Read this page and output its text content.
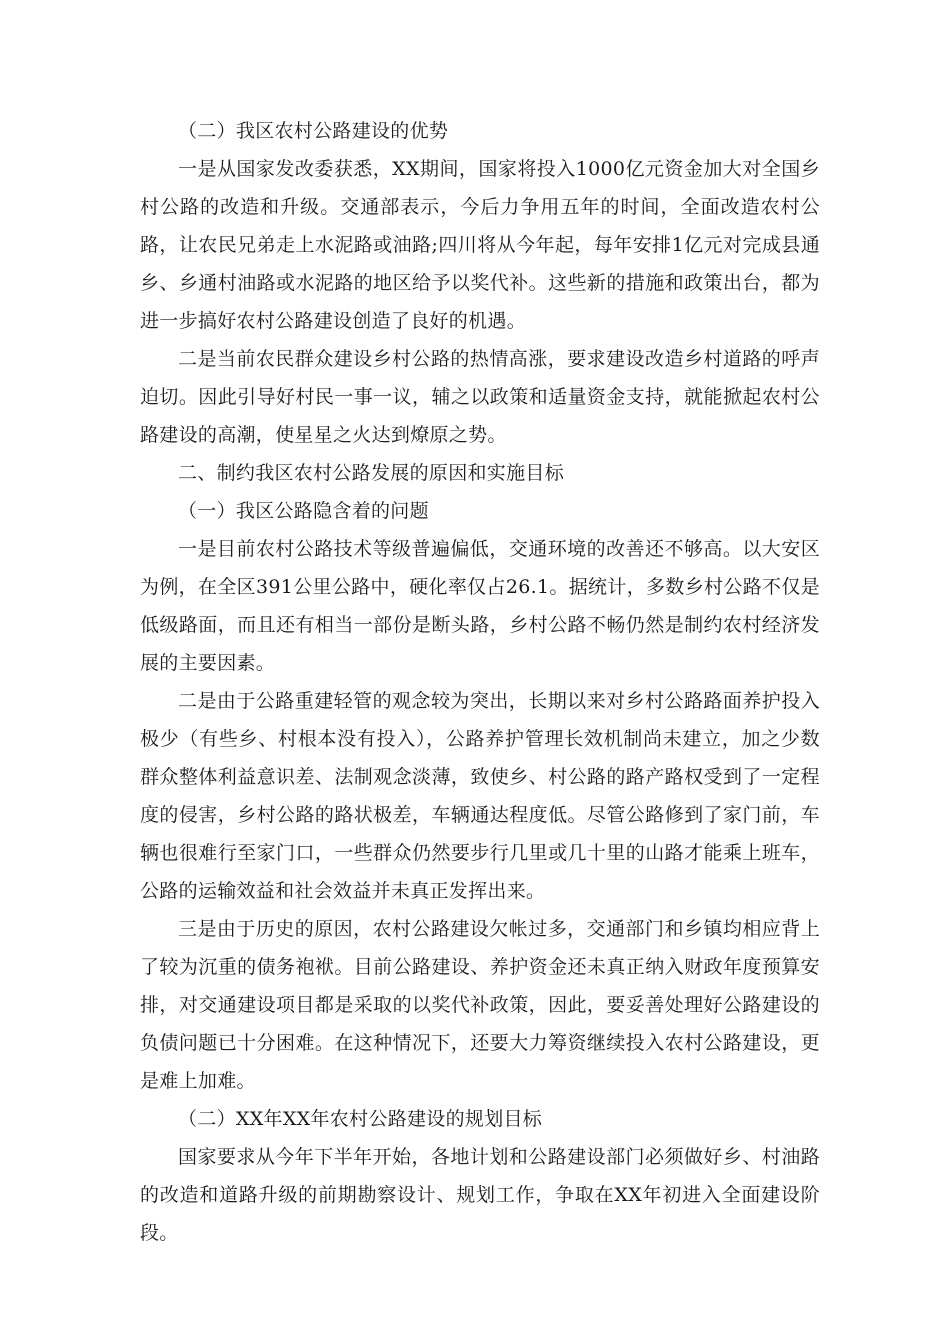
（二）我区农村公路建设的优势

一是从国家发改委获悉，XX期间，国家将投入1000亿元资金加大对全国乡村公路的改造和升级。交通部表示，今后力争用五年的时间，全面改造农村公路，让农民兄弟走上水泥路或油路;四川将从今年起，每年安排1亿元对完成县通乡、乡通村油路或水泥路的地区给予以奖代补。这些新的措施和政策出台，都为进一步搞好农村公路建设创造了良好的机遇。

二是当前农民群众建设乡村公路的热情高涨，要求建设改造乡村道路的呼声迫切。因此引导好村民一事一议，辅之以政策和适量资金支持，就能掀起农村公路建设的高潮，使星星之火达到燎原之势。

二、制约我区农村公路发展的原因和实施目标

（一）我区公路隐含着的问题

一是目前农村公路技术等级普遍偏低，交通环境的改善还不够高。以大安区为例，在全区391公里公路中，硬化率仅占26.1。据统计，多数乡村公路不仅是低级路面，而且还有相当一部份是断头路，乡村公路不畅仍然是制约农村经济发展的主要因素。

二是由于公路重建轻管的观念较为突出，长期以来对乡村公路路面养护投入极少（有些乡、村根本没有投入），公路养护管理长效机制尚未建立，加之少数群众整体利益意识差、法制观念淡薄，致使乡、村公路的路产路权受到了一定程度的侵害，乡村公路的路状极差，车辆通达程度低。尽管公路修到了家门前，车辆也很难行至家门口，一些群众仍然要步行几里或几十里的山路才能乘上班车，公路的运输效益和社会效益并未真正发挥出来。

三是由于历史的原因，农村公路建设欠帐过多，交通部门和乡镇均相应背上了较为沉重的债务袍袱。目前公路建设、养护资金还未真正纳入财政年度预算安排，对交通建设项目都是采取的以奖代补政策，因此，要妥善处理好公路建设的负债问题已十分困难。在这种情况下，还要大力筹资继续投入农村公路建设，更是难上加难。

（二）XX年XX年农村公路建设的规划目标

国家要求从今年下半年开始，各地计划和公路建设部门必须做好乡、村油路的改造和道路升级的前期勘察设计、规划工作，争取在XX年初进入全面建设阶段。
